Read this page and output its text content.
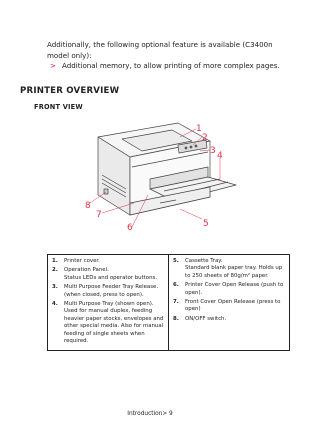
Additionally, the following optional feature is available (C3400n model only):
> Additional memory, to allow printing of more complex pages.
PRINTER OVERVIEW
FRONT VIEW
1
2
3 4
5
6
7
8
1. Printer cover.
2. Operation Panel.
Status LEDs and operator buttons.
3. Multi Purpose Feeder Tray Release.
(when closed, press to open).
4. Multi Purpose Tray (shown open). Used for manual duplex, feeding heavier paper stocks, envelopes and other special media. Also for manual feeding of single sheets when required.

5. Cassette Tray.
Standard blank paper tray. Holds up to 250 sheets of 80g/m² paper.
6. Printer Cover Open Release (push to open).
7. Front Cover Open Release (press to open)
8. ON/OFF switch.
Introduction> 9
